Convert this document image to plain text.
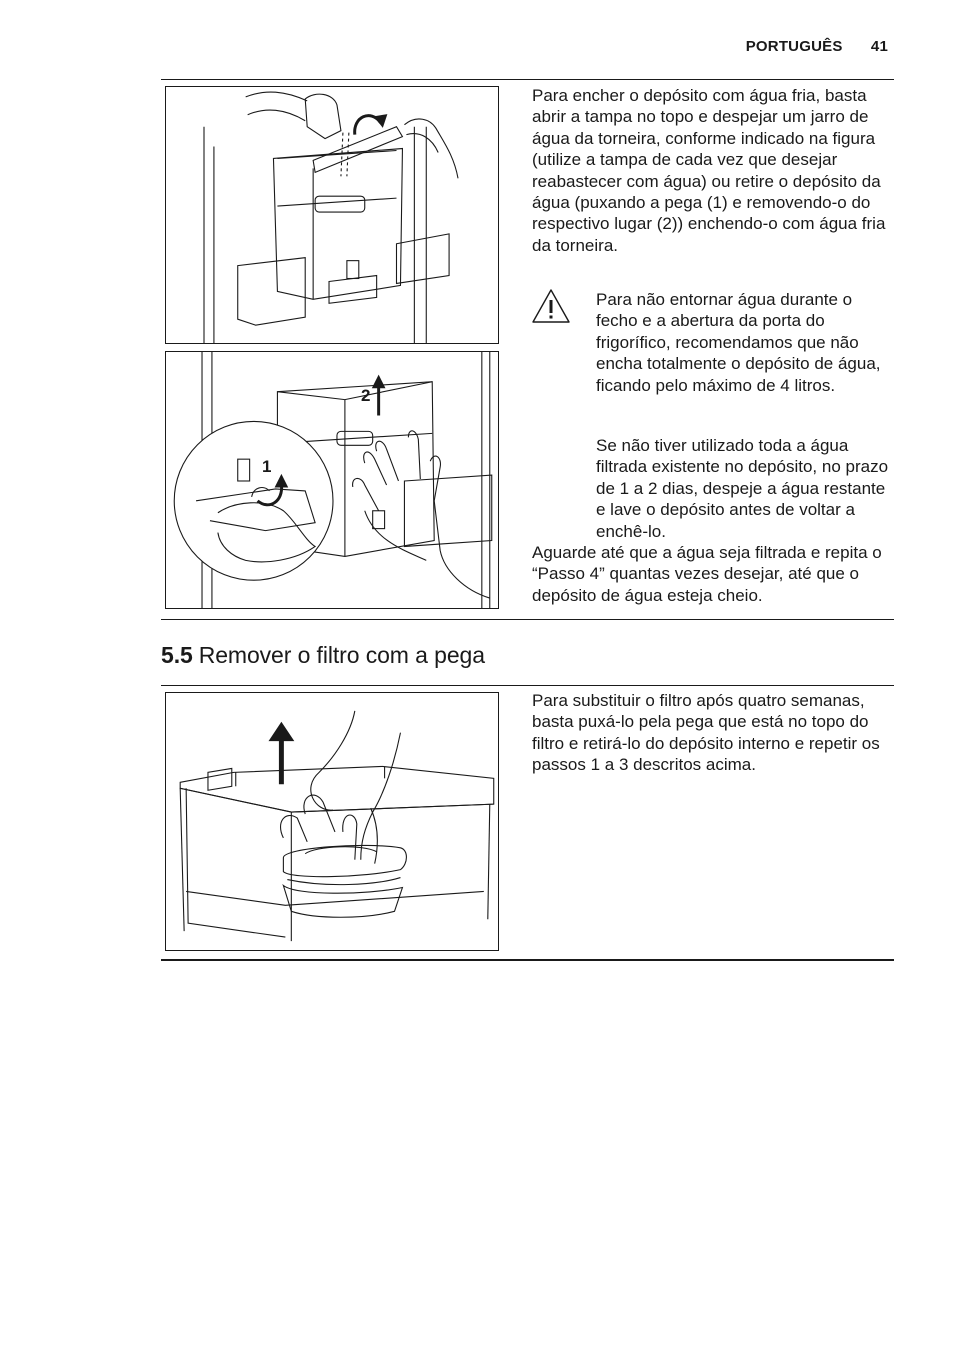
PORTUGUÊS 41
2
1

Para encher o depósito com água fria, basta abrir a tampa no topo e despejar um jarro de água da torneira, conforme indicado na figura (utilize a tampa de cada vez que desejar reabastecer com água) ou retire o depósito da água (puxando a pega (1) e removendo-o do respectivo lugar (2)) enchendo-o com água fria da torneira.

Para não entornar água durante o fecho e a abertura da porta do frigorífico, recomendamos que não encha totalmente o depósito de água, ficando pelo máximo de 4 litros.

Se não tiver utilizado toda a água filtrada existente no depósito, no prazo de 1 a 2 dias, despeje a água restante e lave o depósito antes de voltar a enchê-lo.

Aguarde até que a água seja filtrada e repita o “Passo 4” quantas vezes desejar, até que o depósito de água esteja cheio.

5.5 Remover o filtro com a pega

Para substituir o filtro após quatro semanas, basta puxá-lo pela pega que está no topo do filtro e retirá-lo do depósito interno e repetir os passos 1 a 3 descritos acima.
